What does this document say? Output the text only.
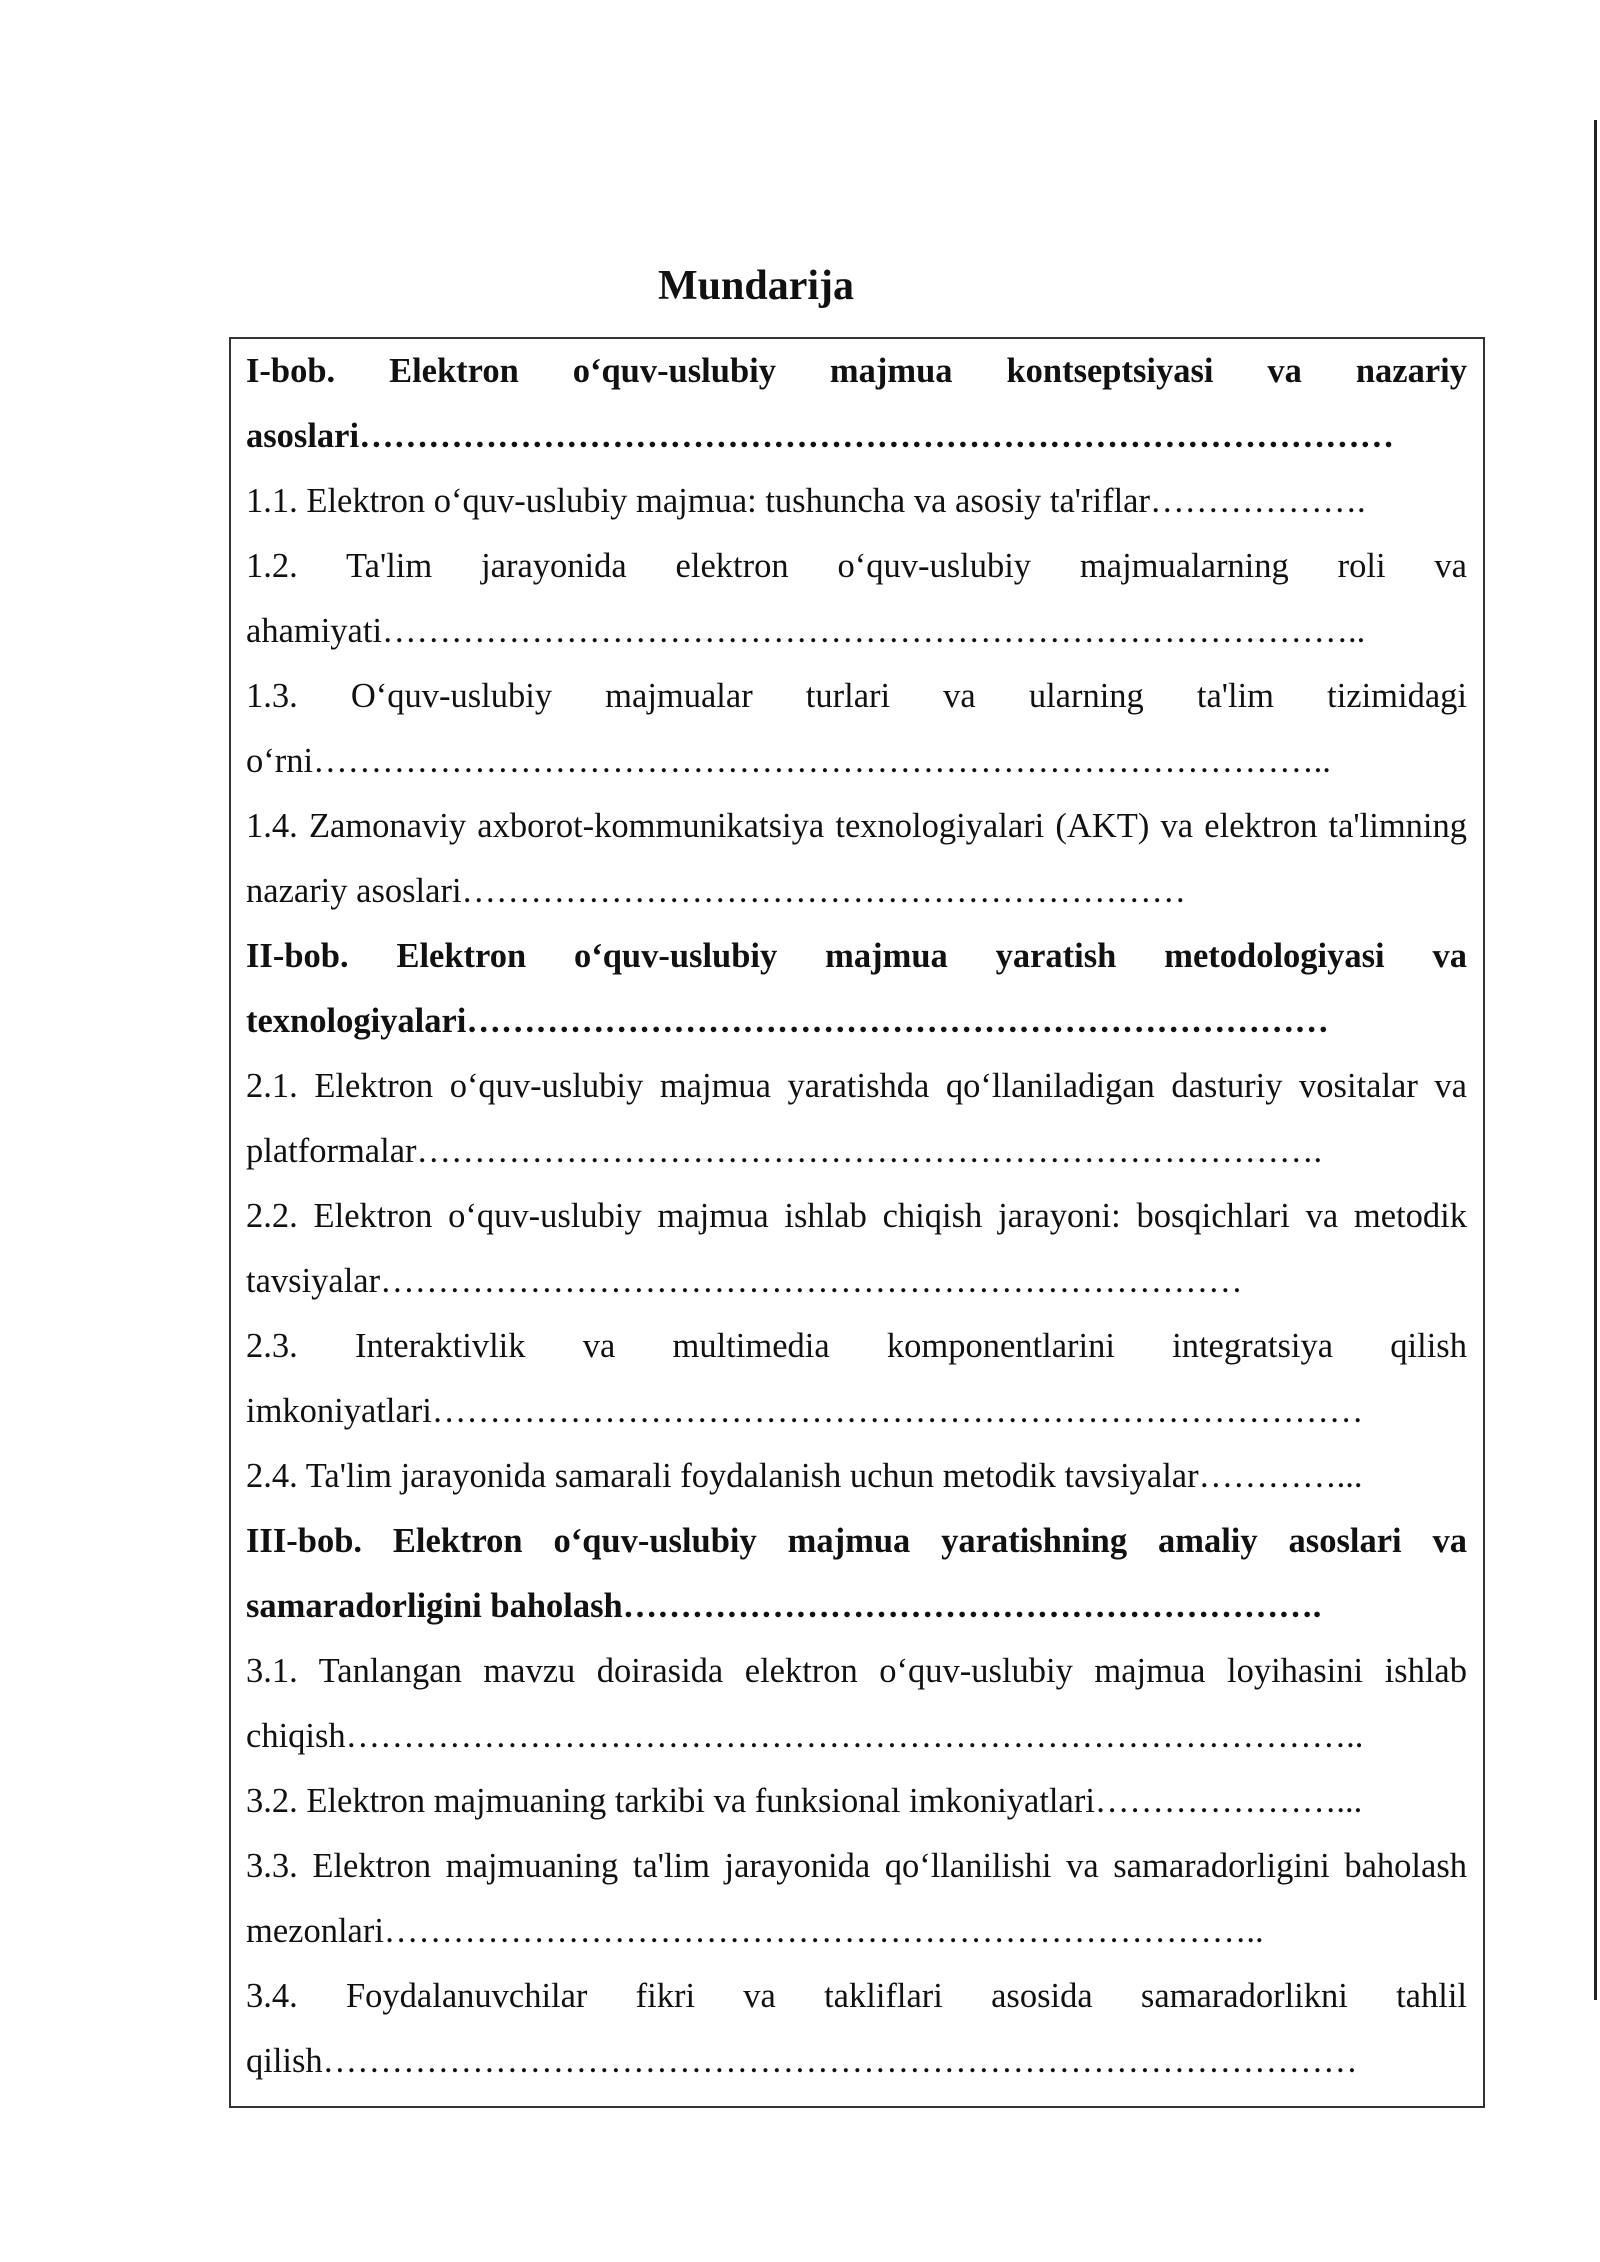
Mundarija

I-bob. Elektron o‘quv-uslubiy majmua kontseptsiyasi va nazariy asoslari………………………………………………………………………………

1.1. Elektron o‘quv-uslubiy majmua: tushuncha va asosiy ta'riflar……………….

1.2. Ta'lim jarayonida elektron o‘quv-uslubiy majmualarning roli va ahamiyati…………………………………………………………………………..

1.3. O‘quv-uslubiy majmualar turlari va ularning ta'lim tizimidagi o‘rni……………………………………………………………………………..

1.4. Zamonaviy axborot-kommunikatsiya texnologiyalari (AKT) va elektron ta'limning nazariy asoslari………………………………………………………

II-bob. Elektron o‘quv-uslubiy majmua yaratish metodologiyasi va texnologiyalari…………………………………………………………………

2.1. Elektron o‘quv-uslubiy majmua yaratishda qo‘llaniladigan dasturiy vositalar va platformalar…………………………………………………………………….

2.2. Elektron o‘quv-uslubiy majmua ishlab chiqish jarayoni: bosqichlari va metodik tavsiyalar…………………………………………………………………

2.3. Interaktivlik va multimedia komponentlarini integratsiya qilish imkoniyatlari………………………………………………………………………

2.4. Ta'lim jarayonida samarali foydalanish uchun metodik tavsiyalar…………...

III-bob. Elektron o‘quv-uslubiy majmua yaratishning amaliy asoslari va samaradorligini baholash…………………………………………………….

3.1. Tanlangan mavzu doirasida elektron o‘quv-uslubiy majmua loyihasini ishlab chiqish……………………………………………………………………………..

3.2. Elektron majmuaning tarkibi va funksional imkoniyatlari…………………...

3.3. Elektron majmuaning ta'lim jarayonida qo‘llanilishi va samaradorligini baholash mezonlari…………………………………………………………………..

3.4. Foydalanuvchilar fikri va takliflari asosida samaradorlikni tahlil qilish………………………………………………………………………………
